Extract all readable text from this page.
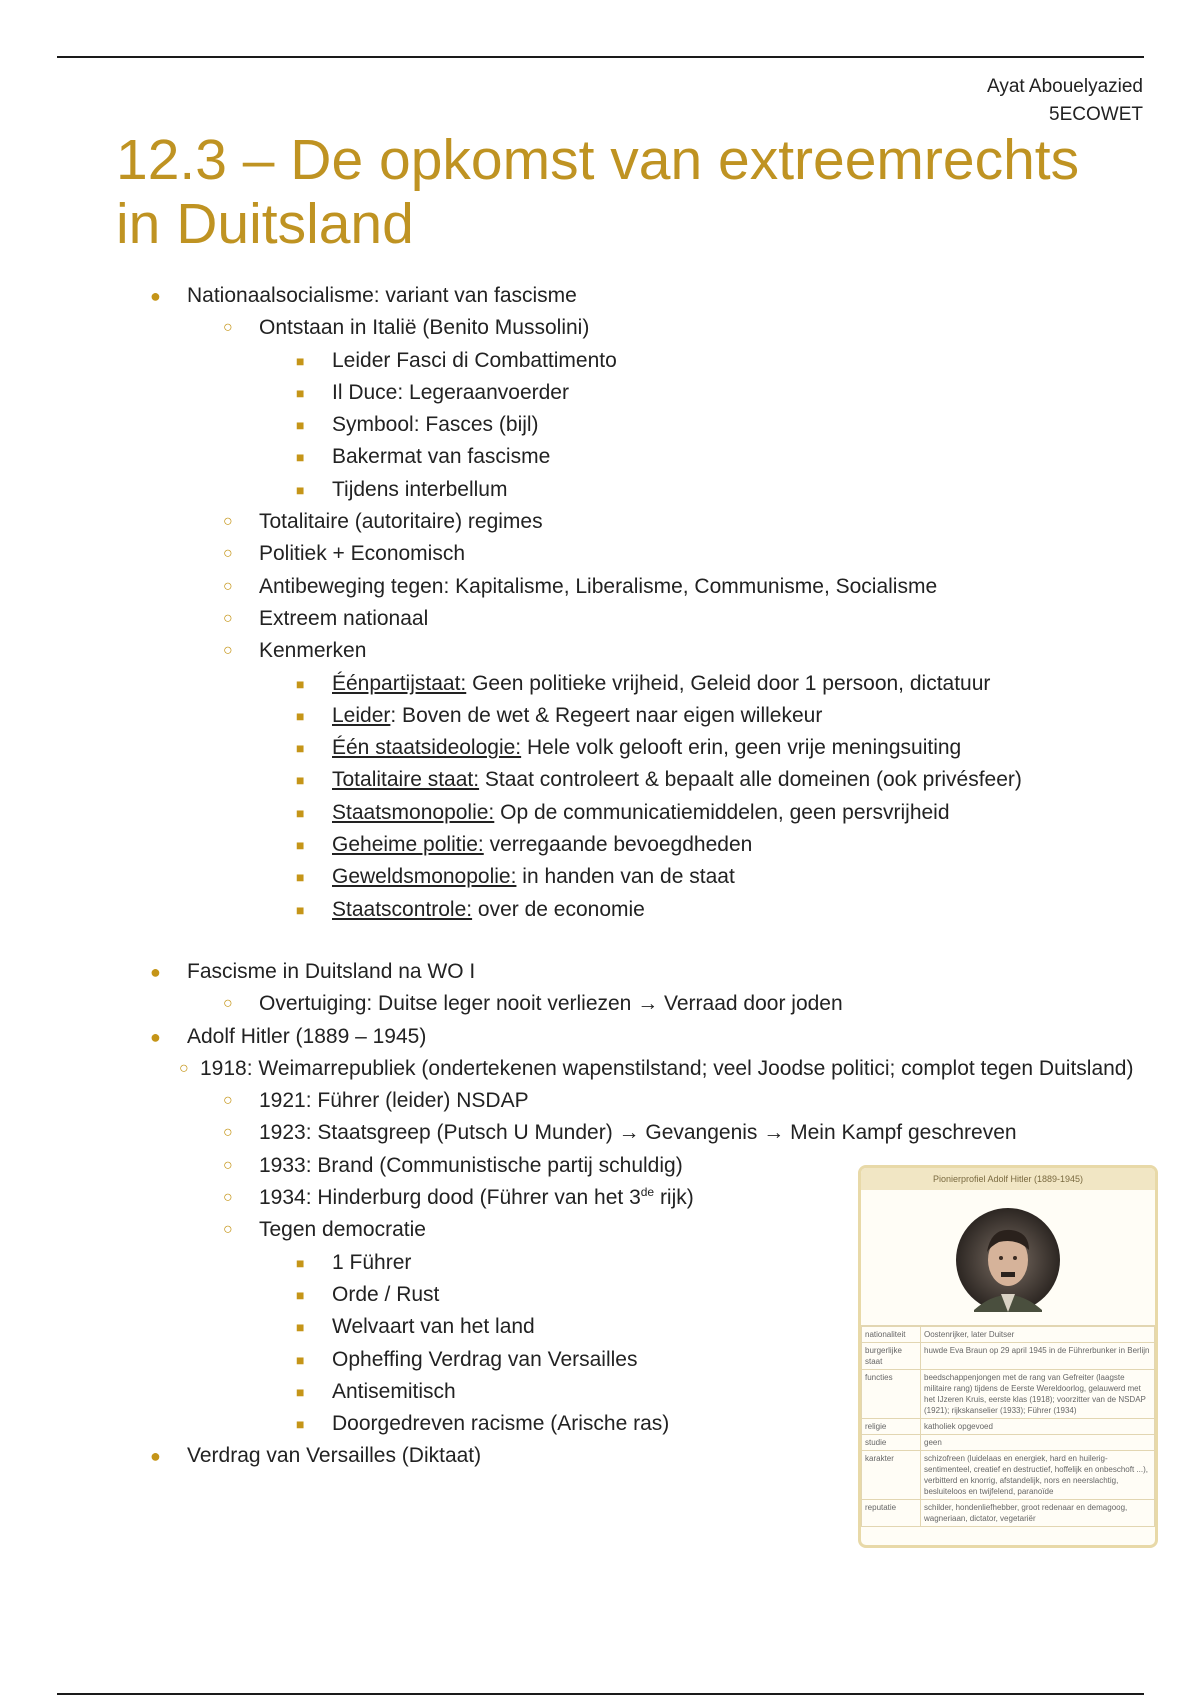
Ayat Abouelyazied
5ECOWET
12.3 – De opkomst van extreemrechts in Duitsland
● Nationaalsocialisme: variant van fascisme
○ Ontstaan in Italië (Benito Mussolini)
■ Leider Fasci di Combattimento
■ Il Duce: Legeraanvoerder
■ Symbool: Fasces (bijl)
■ Bakermat van fascisme
■ Tijdens interbellum
○ Totalitaire (autoritaire) regimes
○ Politiek + Economisch
○ Antibeweging tegen: Kapitalisme, Liberalisme, Communisme, Socialisme
○ Extreem nationaal
○ Kenmerken
■ Éénpartijstaat: Geen politieke vrijheid, Geleid door 1 persoon, dictatuur
■ Leider: Boven de wet & Regeert naar eigen willekeur
■ Één staatsideologie: Hele volk gelooft erin, geen vrije meningsuiting
■ Totalitaire staat: Staat controleert & bepaalt alle domeinen (ook privésfeer)
■ Staatsmonopolie: Op de communicatiemiddelen, geen persvrijheid
■ Geheime politie: verregaande bevoegdheden
■ Geweldsmonopolie: in handen van de staat
■ Staatscontrole: over de economie
● Fascisme in Duitsland na WO I
○ Overtuiging: Duitse leger nooit verliezen → Verraad door joden
● Adolf Hitler (1889 – 1945)
○ 1918: Weimarrepubliek (ondertekenen wapenstilstand; veel Joodse politici; complot tegen Duitsland)
○ 1921: Führer (leider) NSDAP
○ 1923: Staatsgreep (Putsch U Munder) → Gevangenis → Mein Kampf geschreven
○ 1933: Brand (Communistische partij schuldig)
○ 1934: Hinderburg dood (Führer van het 3de rijk)
○ Tegen democratie
■ 1 Führer
■ Orde / Rust
■ Welvaart van het land
■ Opheffing Verdrag van Versailles
■ Antisemitisch
■ Doorgedreven racisme (Arische ras)
● Verdrag van Versailles (Diktaat)
Pionierprofiel Adolf Hitler (1889-1945)
nationaliteit	Oostenrijker, later Duitser
burgerlijke staat	huwde Eva Braun op 29 april 1945 in de Führerbunker in Berlijn
functies	beedschappenjongen met de rang van Gefreiter (laagste militaire rang) tijdens de Eerste Wereldoorlog, gelauwerd met het IJzeren Kruis, eerste klas (1918); voorzitter van de NSDAP (1921); rijkskanselier (1933); Führer (1934)
religie	katholiek opgevoed
studie	geen
karakter	schizofreen (luidelaas en energiek, hard en huilerig-sentimenteel, creatief en destructief, hoffelijk en onbeschoft ...), verbitterd en knorrig, afstandelijk, nors en neerslachtig, besluiteloos en twijfelend, paranoïde
reputatie	schilder, hondenliefhebber, groot redenaar en demagoog, wagneriaan, dictator, vegetariër
